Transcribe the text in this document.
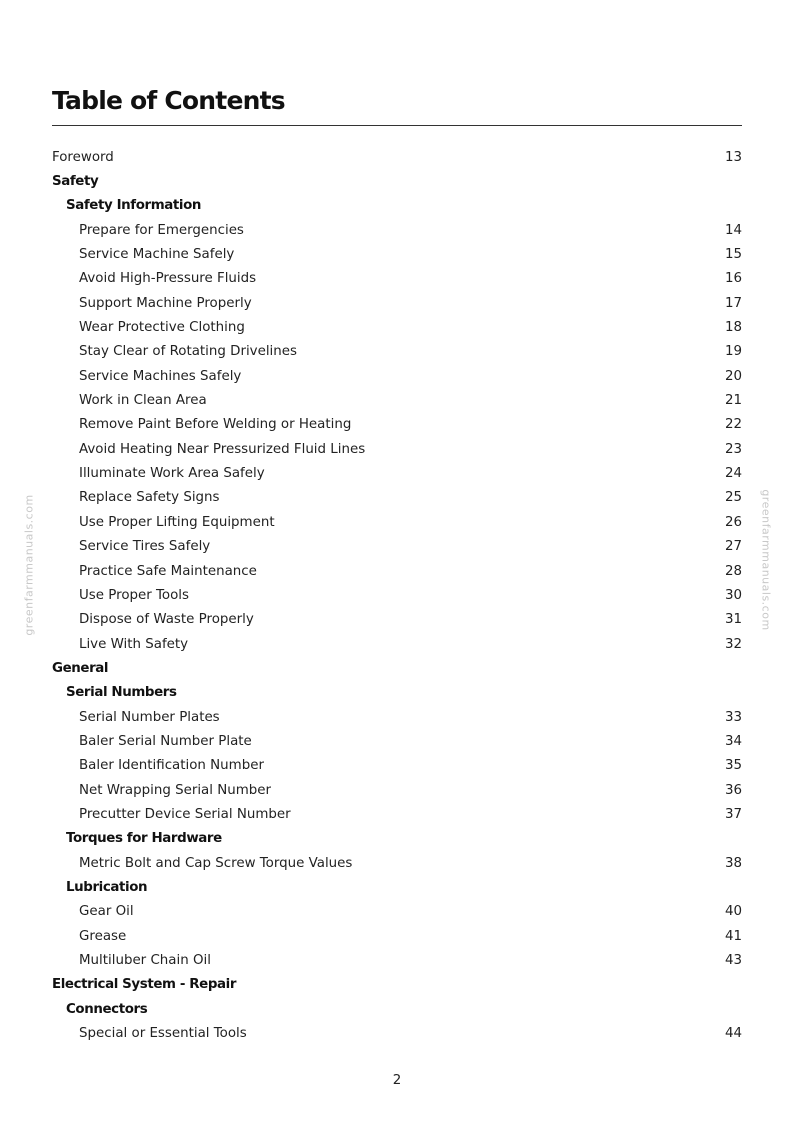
Table of Contents
Foreword	13
Safety
Safety Information
Prepare for Emergencies	14
Service Machine Safely	15
Avoid High-Pressure Fluids	16
Support Machine Properly	17
Wear Protective Clothing	18
Stay Clear of Rotating Drivelines	19
Service Machines Safely	20
Work in Clean Area	21
Remove Paint Before Welding or Heating	22
Avoid Heating Near Pressurized Fluid Lines	23
Illuminate Work Area Safely	24
Replace Safety Signs	25
Use Proper Lifting Equipment	26
Service Tires Safely	27
Practice Safe Maintenance	28
Use Proper Tools	30
Dispose of Waste Properly	31
Live With Safety	32
General
Serial Numbers
Serial Number Plates	33
Baler Serial Number Plate	34
Baler Identification Number	35
Net Wrapping Serial Number	36
Precutter Device Serial Number	37
Torques for Hardware
Metric Bolt and Cap Screw Torque Values	38
Lubrication
Gear Oil	40
Grease	41
Multiluber Chain Oil	43
Electrical System - Repair
Connectors
Special or Essential Tools	44
2
greenfarmmanuals.com	greenfarmmanuals.com
